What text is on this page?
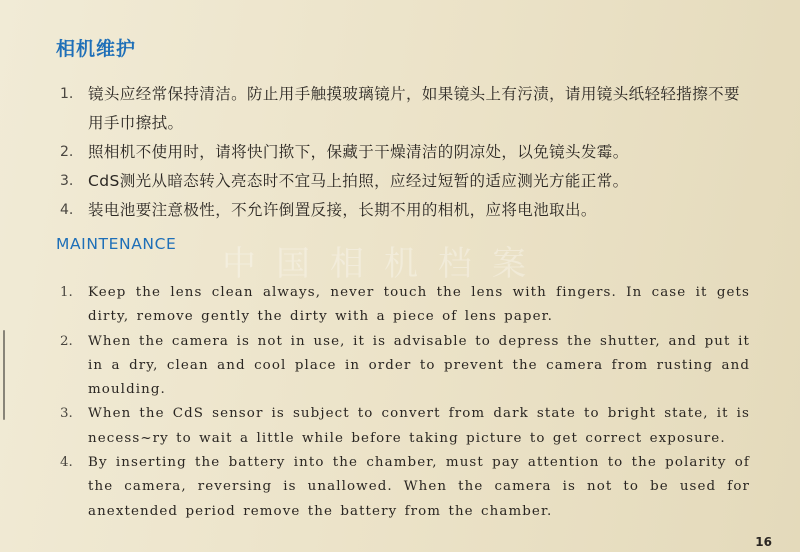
中国相机档案
相机维护
1. 镜头应经常保持清洁。防止用手触摸玻璃镜片，如果镜头上有污渍，请用镜头纸轻轻揩擦不要用手巾擦拭。
2. 照相机不使用时，请将快门揿下，保藏于干燥清洁的阴凉处，以免镜头发霉。
3. CdS测光从暗态转入亮态时不宜马上拍照，应经过短暂的适应测光方能正常。
4. 装电池要注意极性，不允许倒置反接，长期不用的相机，应将电池取出。
MAINTENANCE
1.	Keep the lens clean always, never touch the lens with fingers. In case it gets dirty, remove gently the dirty with a piece of lens paper.
2.	When the camera is not in use, it is advisable to depress the shutter, and put it in a dry, clean and cool place in order to prevent the camera from rusting and moulding.
3.	When the CdS sensor is subject to convert from dark state to bright state, it is necess~ry to wait a little while before taking picture to get correct exposure.
4.	By inserting the battery into the chamber, must pay attention to the polarity of the camera, reversing is unallowed. When the camera is not to be used for anextended period remove the battery from the chamber.
16
